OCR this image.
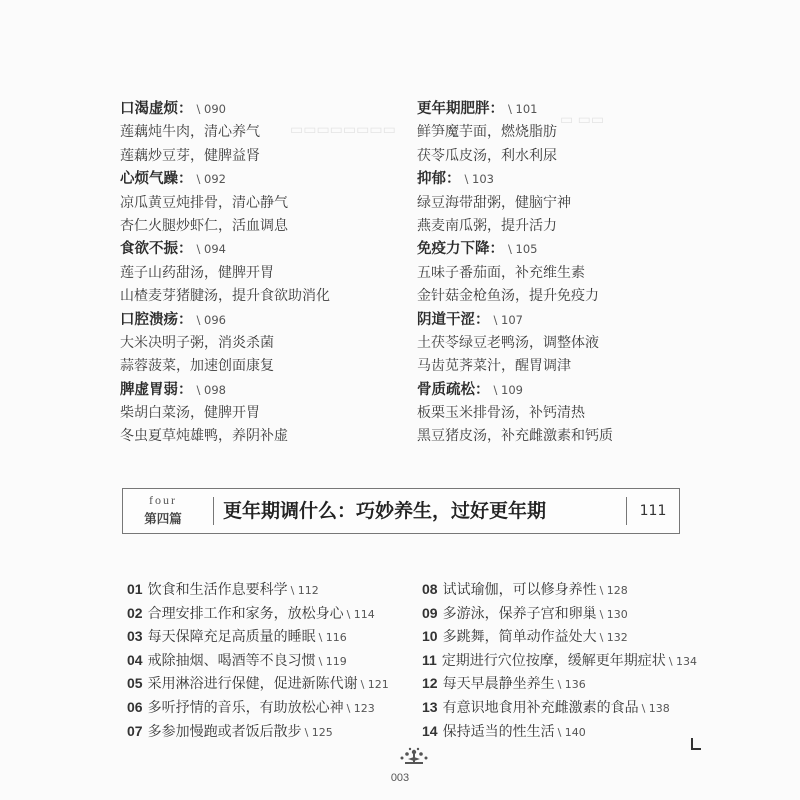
▭ ▭▭
▭▭▭▭▭▭▭▭
口渴虚烦： \ 090
莲藕炖牛肉，清心养气
莲藕炒豆芽，健脾益肾
心烦气躁： \ 092
凉瓜黄豆炖排骨，清心静气
杏仁火腿炒虾仁，活血调息
食欲不振： \ 094
莲子山药甜汤，健脾开胃
山楂麦芽猪腱汤，提升食欲助消化
口腔溃疡： \ 096
大米决明子粥，消炎杀菌
蒜蓉菠菜，加速创面康复
脾虚胃弱： \ 098
柴胡白菜汤，健脾开胃
冬虫夏草炖雄鸭，养阴补虚
更年期肥胖： \ 101
鲜笋魔芋面，燃烧脂肪
茯苓瓜皮汤，利水利尿
抑郁： \ 103
绿豆海带甜粥，健脑宁神
燕麦南瓜粥，提升活力
免疫力下降： \ 105
五味子番茄面，补充维生素
金针菇金枪鱼汤，提升免疫力
阴道干涩： \ 107
土茯苓绿豆老鸭汤，调整体液
马齿苋荠菜汁，醒胃调津
骨质疏松： \ 109
板栗玉米排骨汤，补钙清热
黑豆猪皮汤，补充雌激素和钙质
four
第四篇	更年期调什么：巧妙养生，过好更年期	111
01 饮食和生活作息要科学 \ 112
02 合理安排工作和家务，放松身心 \ 114
03 每天保障充足高质量的睡眠 \ 116
04 戒除抽烟、喝酒等不良习惯 \ 119
05 采用淋浴进行保健，促进新陈代谢 \ 121
06 多听抒情的音乐，有助放松心神 \ 123
07 多参加慢跑或者饭后散步 \ 125
08 试试瑜伽，可以修身养性 \ 128
09 多游泳，保养子宫和卵巢 \ 130
10 多跳舞，简单动作益处大 \ 132
11 定期进行穴位按摩，缓解更年期症状 \ 134
12 每天早晨静坐养生 \ 136
13 有意识地食用补充雌激素的食品 \ 138
14 保持适当的性生活 \ 140
003
